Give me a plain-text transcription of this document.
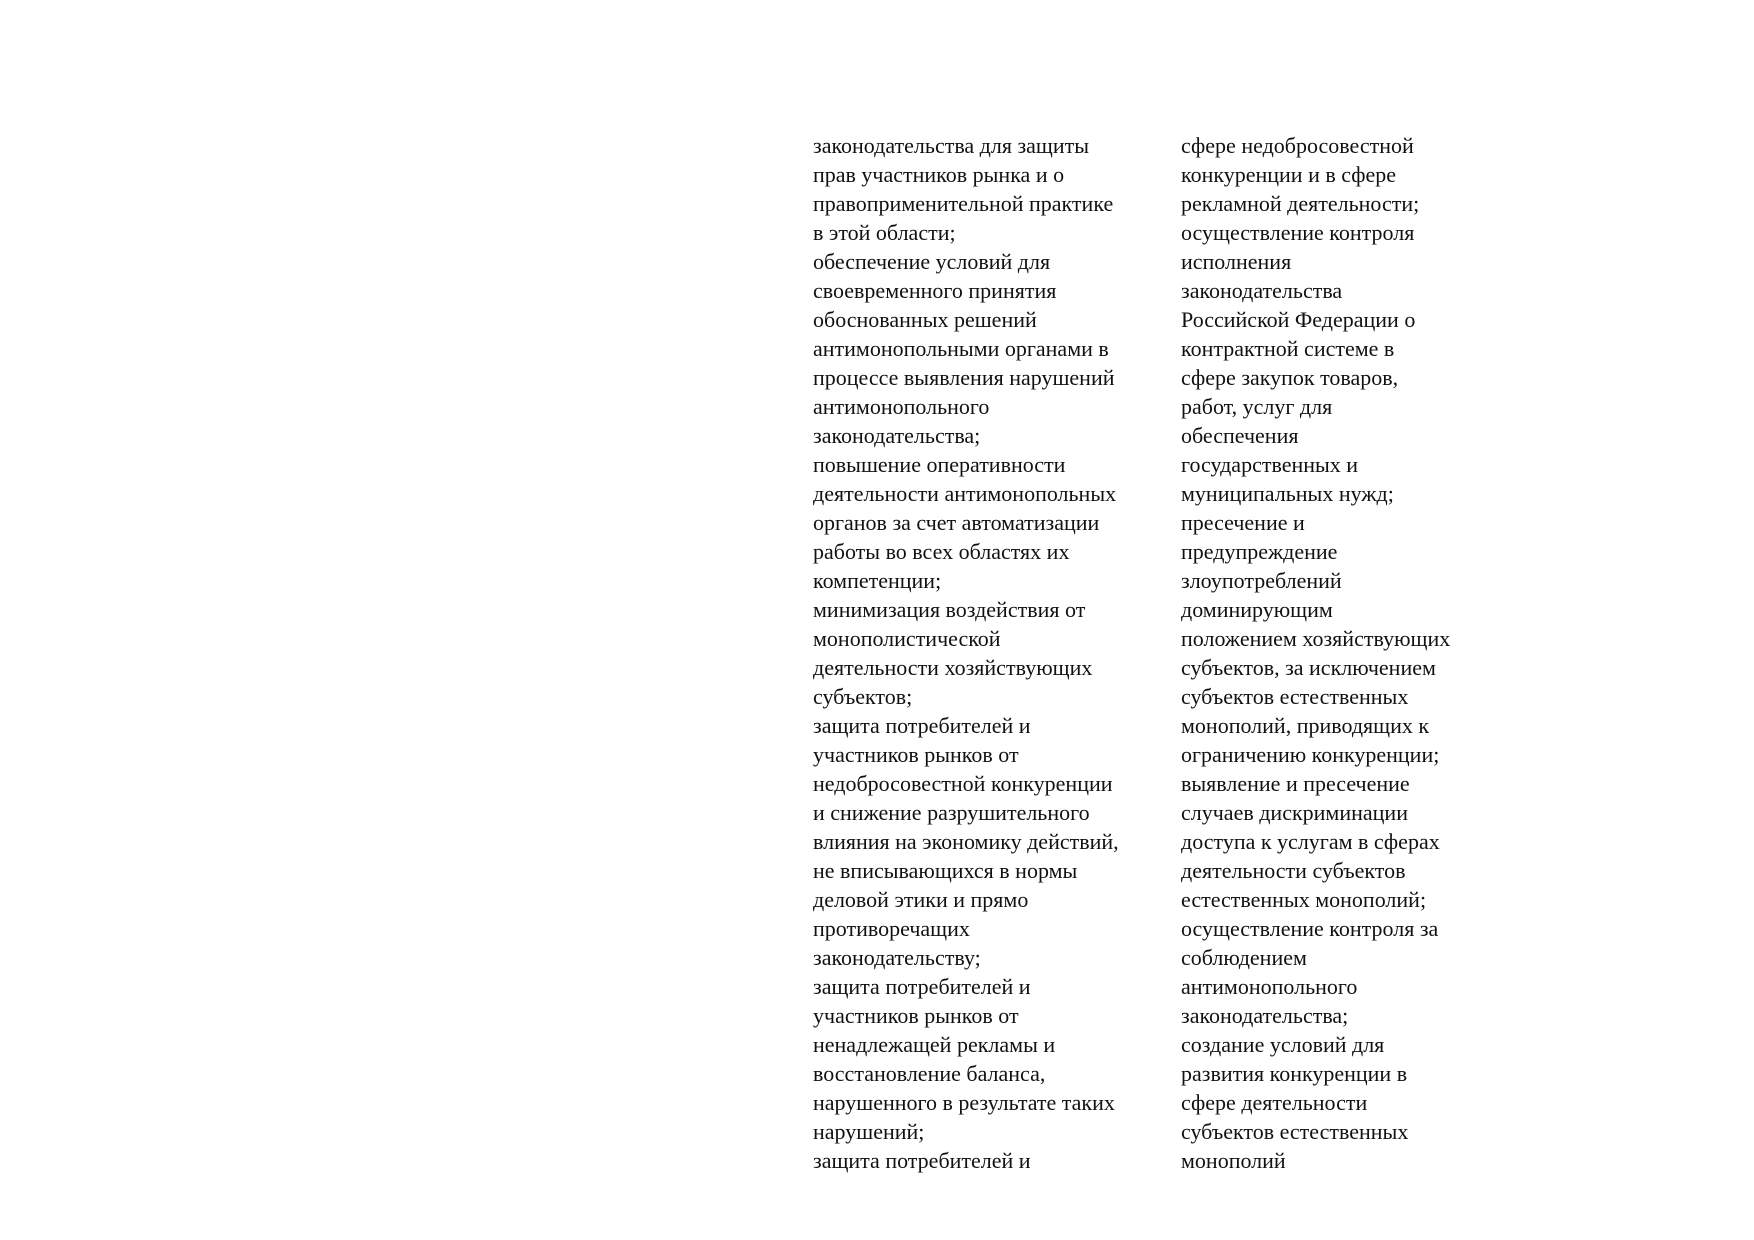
законодательства для защиты
прав участников рынка и о
правоприменительной практике
в этой области;
обеспечение условий для
своевременного принятия
обоснованных решений
антимонопольными органами в
процессе выявления нарушений
антимонопольного
законодательства;
повышение оперативности
деятельности антимонопольных
органов за счет автоматизации
работы во всех областях их
компетенции;
минимизация воздействия от
монополистической
деятельности хозяйствующих
субъектов;
защита потребителей и
участников рынков от
недобросовестной конкуренции
и снижение разрушительного
влияния на экономику действий,
не вписывающихся в нормы
деловой этики и прямо
противоречащих
законодательству;
защита потребителей и
участников рынков от
ненадлежащей рекламы и
восстановление баланса,
нарушенного в результате таких
нарушений;
защита потребителей и
сфере недобросовестной
конкуренции и в сфере
рекламной деятельности;
осуществление контроля
исполнения
законодательства
Российской Федерации о
контрактной системе в
сфере закупок товаров,
работ, услуг для
обеспечения
государственных и
муниципальных нужд;
пресечение и
предупреждение
злоупотреблений
доминирующим
положением хозяйствующих
субъектов, за исключением
субъектов естественных
монополий, приводящих к
ограничению конкуренции;
выявление и пресечение
случаев дискриминации
доступа к услугам в сферах
деятельности субъектов
естественных монополий;
осуществление контроля за
соблюдением
антимонопольного
законодательства;
создание условий для
развития конкуренции в
сфере деятельности
субъектов естественных
монополий
